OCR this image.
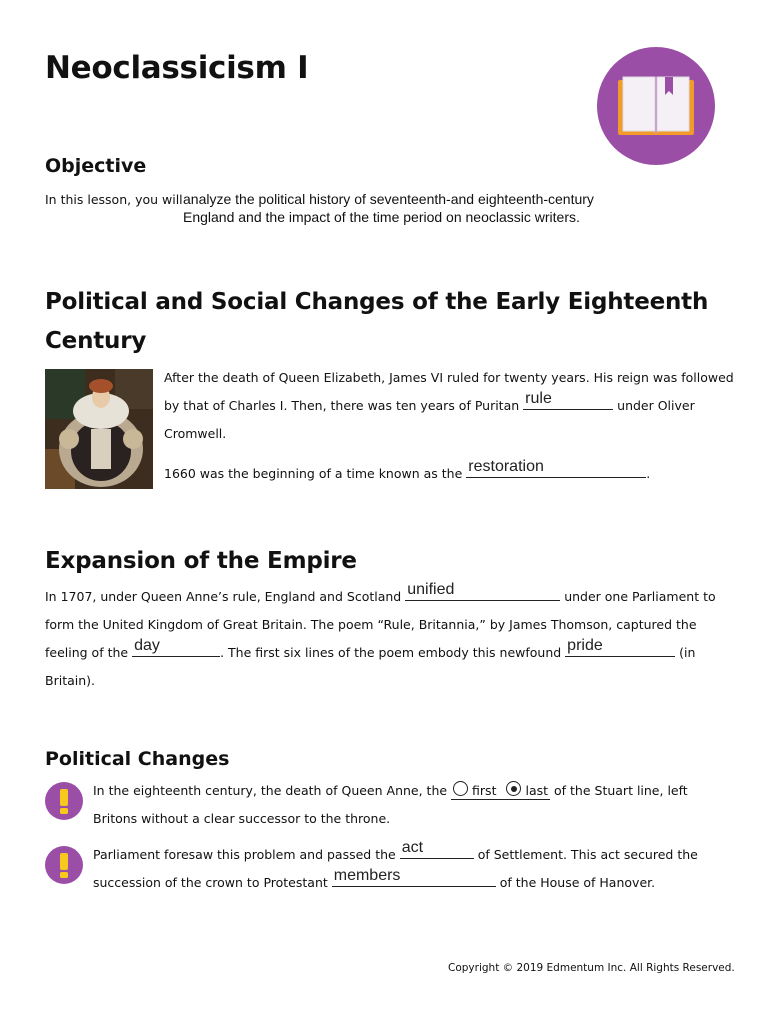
Neoclassicism I
Objective
In this lesson, you will analyze the political history of seventeenth-and eighteenth-century
England and the impact of the time period on neoclassic writers.
Political and Social Changes of the Early Eighteenth
Century
After the death of Queen Elizabeth, James VI ruled for twenty years. His reign was followed
by that of Charles I. Then, there was ten years of Puritan rule	under Oliver
Cromwell.
1660 was the beginning of a time known as the restoration	.
Expansion of the Empire
In 1707, under Queen Anne’s rule, England and Scotland unified	under one Parliament to
form the United Kingdom of Great Britain. The poem “Rule, Britannia,” by James Thomson, captured the
feeling of the day	. The first six lines of the poem embody this newfound pride	(in
Britain).
Political Changes
In the eighteenth century, the death of Queen Anne, the first last of the Stuart line, left
Britons without a clear successor to the throne.
Parliament foresaw this problem and passed the act	of Settlement. This act secured the
succession of the crown to Protestant members	of the House of Hanover.
Copyright © 2019 Edmentum Inc. All Rights Reserved.
